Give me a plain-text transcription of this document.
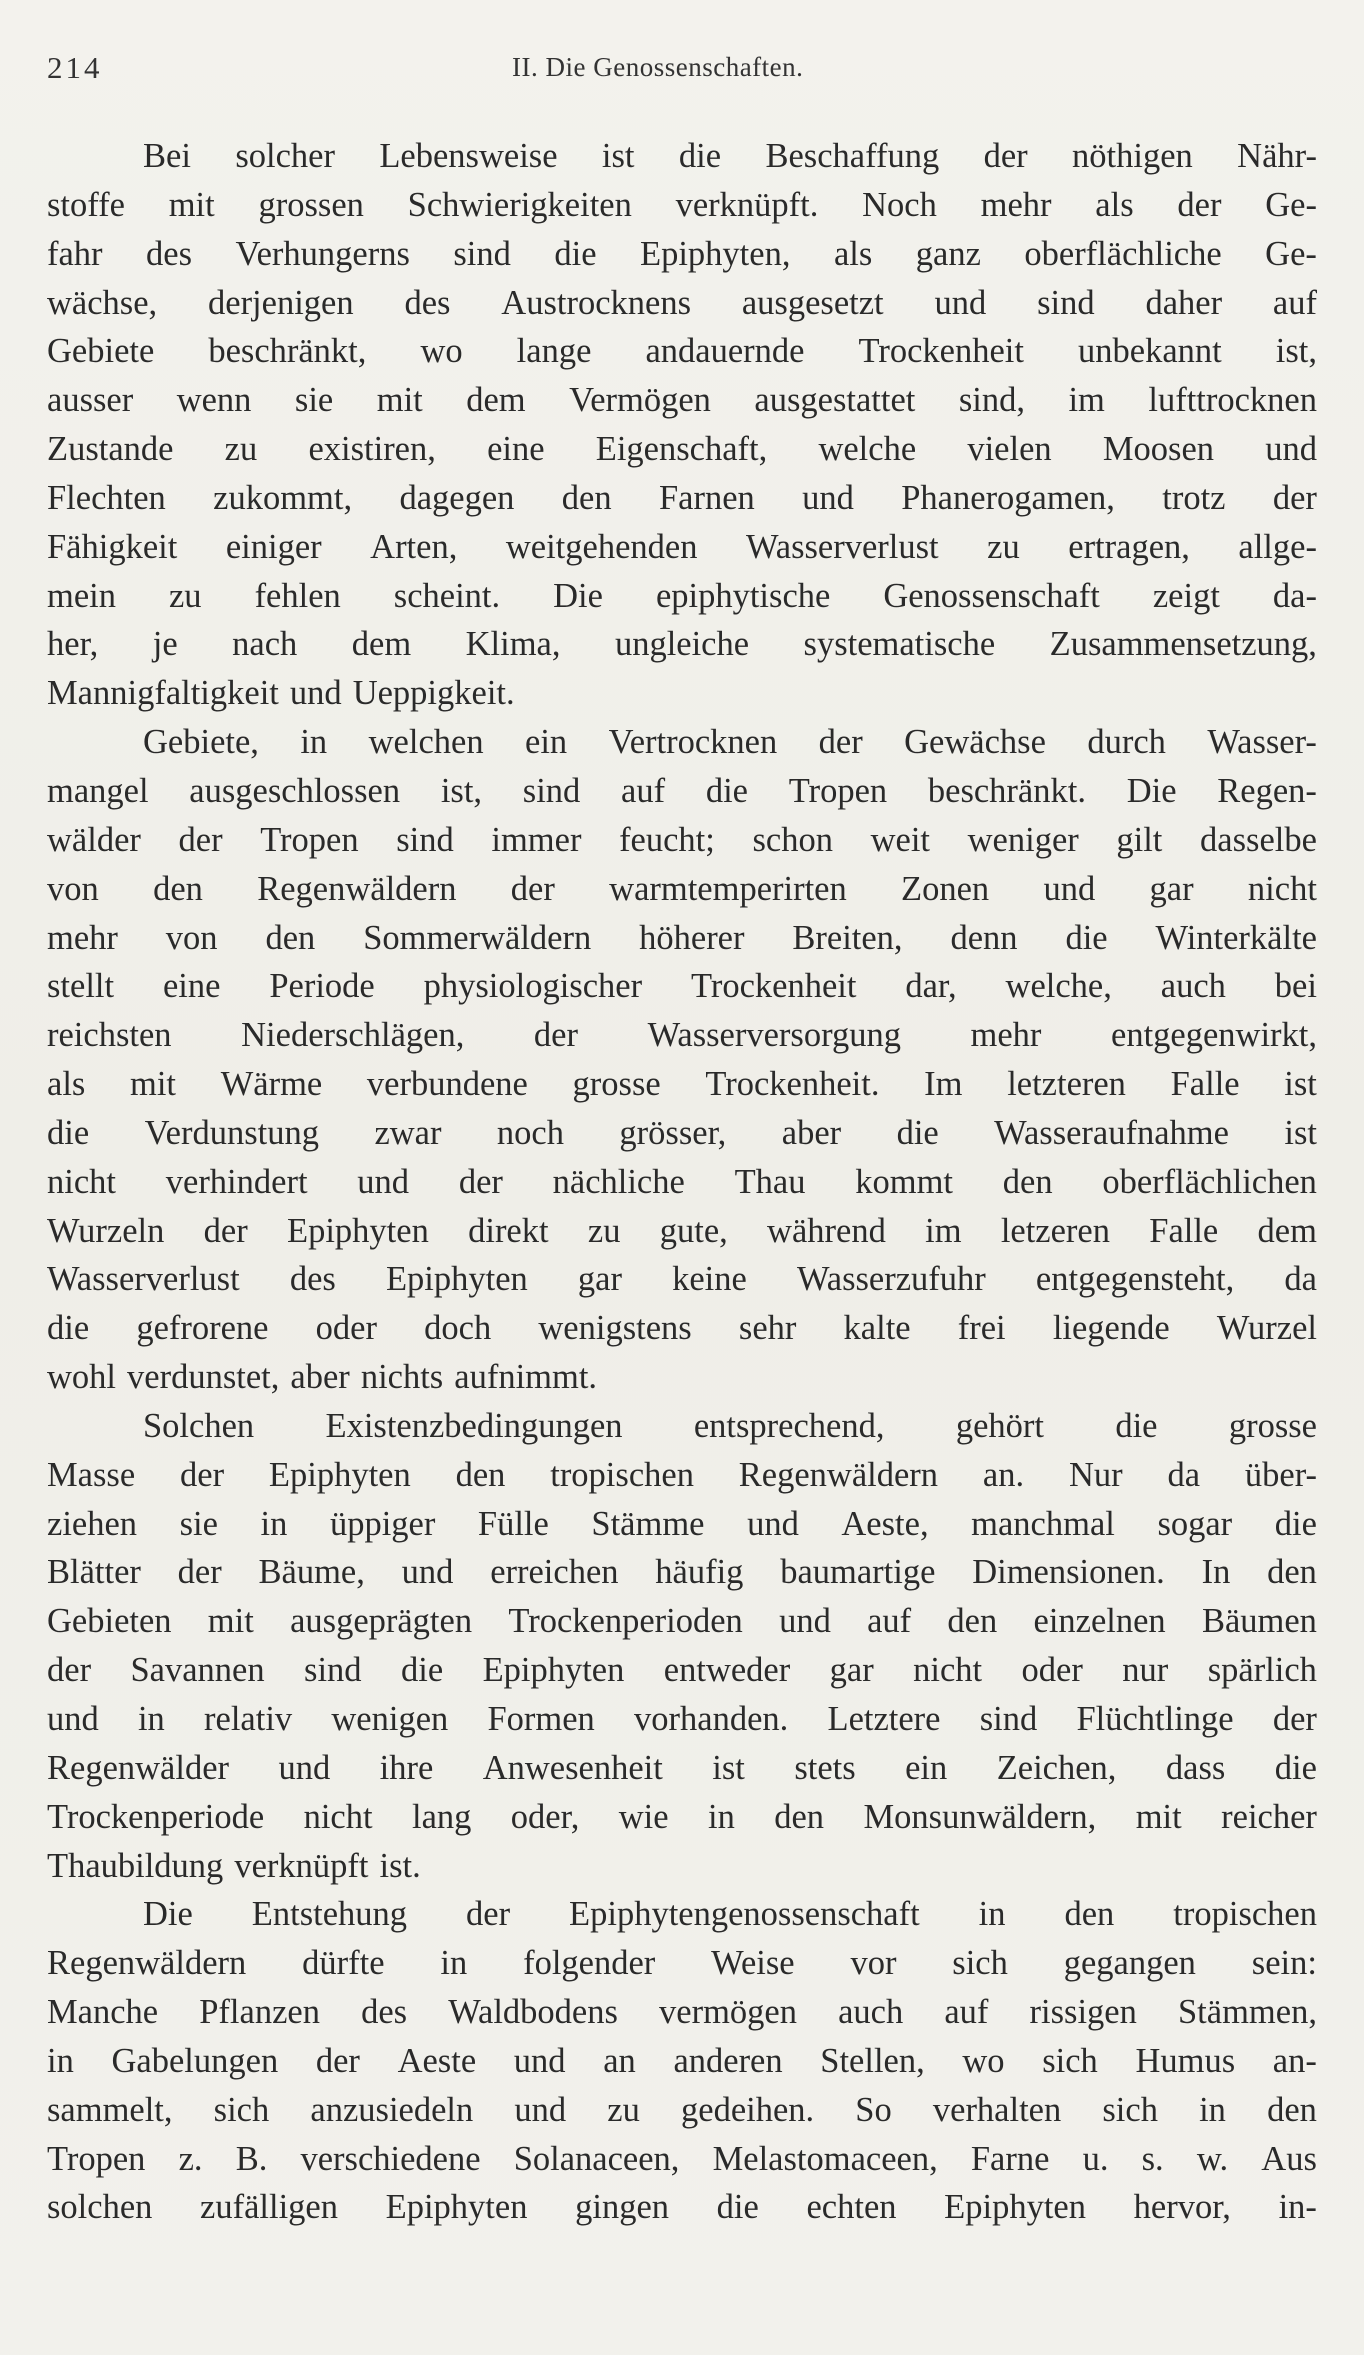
214	II. Die Genossenschaften.
Bei solcher Lebensweise ist die Beschaffung der nöthigen Nähr-
stoffe mit grossen Schwierigkeiten verknüpft. Noch mehr als der Ge-
fahr des Verhungerns sind die Epiphyten, als ganz oberflächliche Ge-
wächse, derjenigen des Austrocknens ausgesetzt und sind daher auf
Gebiete beschränkt, wo lange andauernde Trockenheit unbekannt ist,
ausser wenn sie mit dem Vermögen ausgestattet sind, im lufttrocknen
Zustande zu existiren, eine Eigenschaft, welche vielen Moosen und
Flechten zukommt, dagegen den Farnen und Phanerogamen, trotz der
Fähigkeit einiger Arten, weitgehenden Wasserverlust zu ertragen, allge-
mein zu fehlen scheint. Die epiphytische Genossenschaft zeigt da-
her, je nach dem Klima, ungleiche systematische Zusammensetzung,
Mannigfaltigkeit und Ueppigkeit.
Gebiete, in welchen ein Vertrocknen der Gewächse durch Wasser-
mangel ausgeschlossen ist, sind auf die Tropen beschränkt. Die Regen-
wälder der Tropen sind immer feucht; schon weit weniger gilt dasselbe
von den Regenwäldern der warmtemperirten Zonen und gar nicht
mehr von den Sommerwäldern höherer Breiten, denn die Winterkälte
stellt eine Periode physiologischer Trockenheit dar, welche, auch bei
reichsten Niederschlägen, der Wasserversorgung mehr entgegenwirkt,
als mit Wärme verbundene grosse Trockenheit. Im letzteren Falle ist
die Verdunstung zwar noch grösser, aber die Wasseraufnahme ist
nicht verhindert und der nächliche Thau kommt den oberflächlichen
Wurzeln der Epiphyten direkt zu gute, während im letzeren Falle dem
Wasserverlust des Epiphyten gar keine Wasserzufuhr entgegensteht, da
die gefrorene oder doch wenigstens sehr kalte frei liegende Wurzel
wohl verdunstet, aber nichts aufnimmt.
Solchen Existenzbedingungen entsprechend, gehört die grosse
Masse der Epiphyten den tropischen Regenwäldern an. Nur da über-
ziehen sie in üppiger Fülle Stämme und Aeste, manchmal sogar die
Blätter der Bäume, und erreichen häufig baumartige Dimensionen. In den
Gebieten mit ausgeprägten Trockenperioden und auf den einzelnen Bäumen
der Savannen sind die Epiphyten entweder gar nicht oder nur spärlich
und in relativ wenigen Formen vorhanden. Letztere sind Flüchtlinge der
Regenwälder und ihre Anwesenheit ist stets ein Zeichen, dass die
Trockenperiode nicht lang oder, wie in den Monsunwäldern, mit reicher
Thaubildung verknüpft ist.
Die Entstehung der Epiphytengenossenschaft in den tropischen
Regenwäldern dürfte in folgender Weise vor sich gegangen sein:
Manche Pflanzen des Waldbodens vermögen auch auf rissigen Stämmen,
in Gabelungen der Aeste und an anderen Stellen, wo sich Humus an-
sammelt, sich anzusiedeln und zu gedeihen. So verhalten sich in den
Tropen z. B. verschiedene Solanaceen, Melastomaceen, Farne u. s. w. Aus
solchen zufälligen Epiphyten gingen die echten Epiphyten hervor, in-
